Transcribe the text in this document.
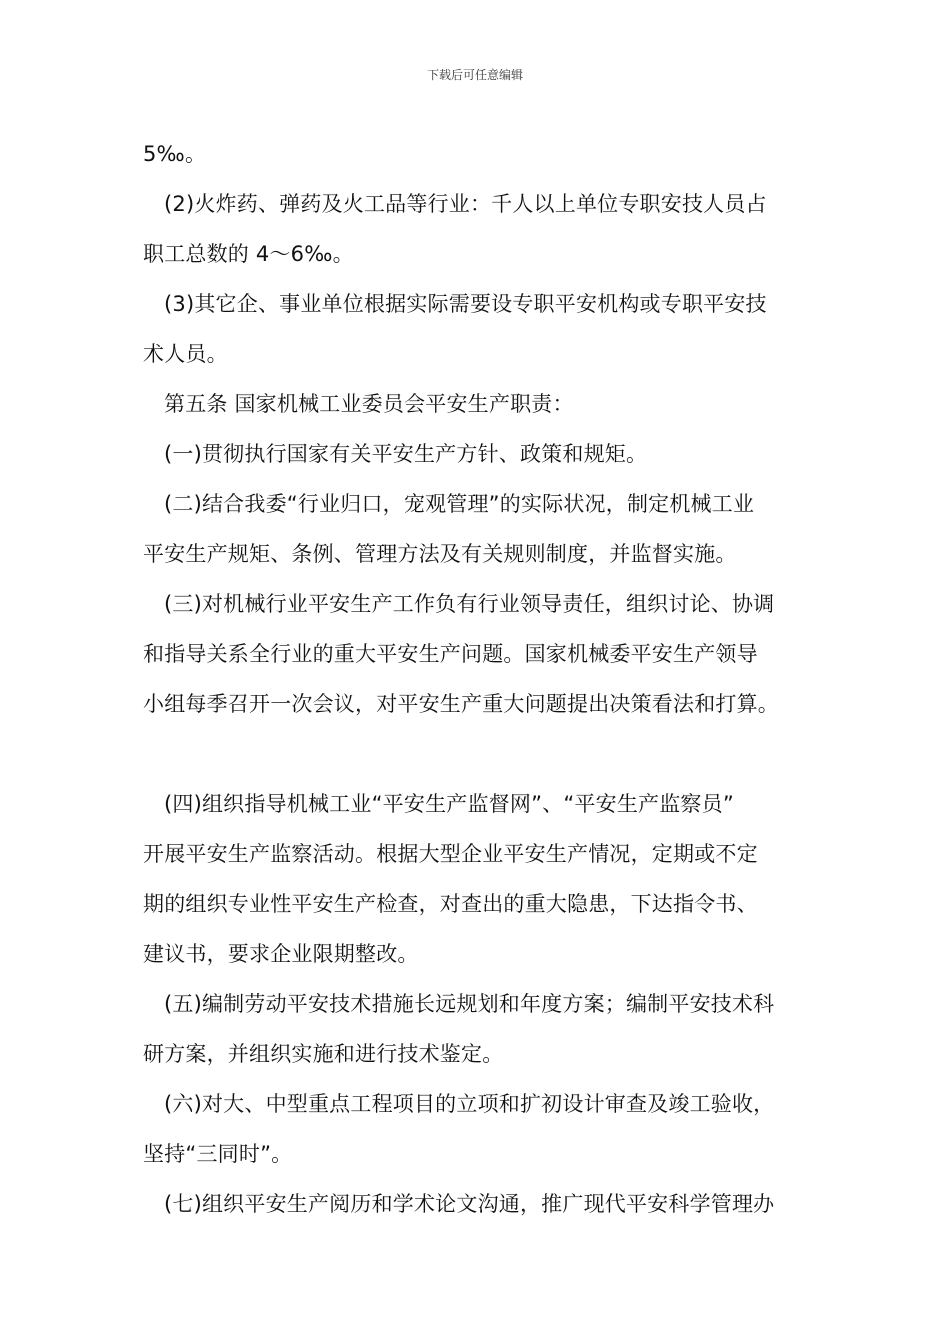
下载后可任意编辑
5‰。
(2)火炸药、弹药及火工品等行业：千人以上单位专职安技人员占
职工总数的 4～6‰。
(3)其它企、事业单位根据实际需要设专职平安机构或专职平安技
术人员。
第五条 国家机械工业委员会平安生产职责：
(一)贯彻执行国家有关平安生产方针、政策和规矩。
(二)结合我委“行业归口，宠观管理”的实际状况，制定机械工业
平安生产规矩、条例、管理方法及有关规则制度，并监督实施。
(三)对机械行业平安生产工作负有行业领导责任，组织讨论、协调
和指导关系全行业的重大平安生产问题。国家机械委平安生产领导
小组每季召开一次会议，对平安生产重大问题提出决策看法和打算。
(四)组织指导机械工业“平安生产监督网”、“平安生产监察员”
开展平安生产监察活动。根据大型企业平安生产情况，定期或不定
期的组织专业性平安生产检查，对查出的重大隐患，下达指令书、
建议书，要求企业限期整改。
(五)编制劳动平安技术措施长远规划和年度方案；编制平安技术科
研方案，并组织实施和进行技术鉴定。
(六)对大、中型重点工程项目的立项和扩初设计审查及竣工验收，
坚持“三同时”。
(七)组织平安生产阅历和学术论文沟通，推广现代平安科学管理办
